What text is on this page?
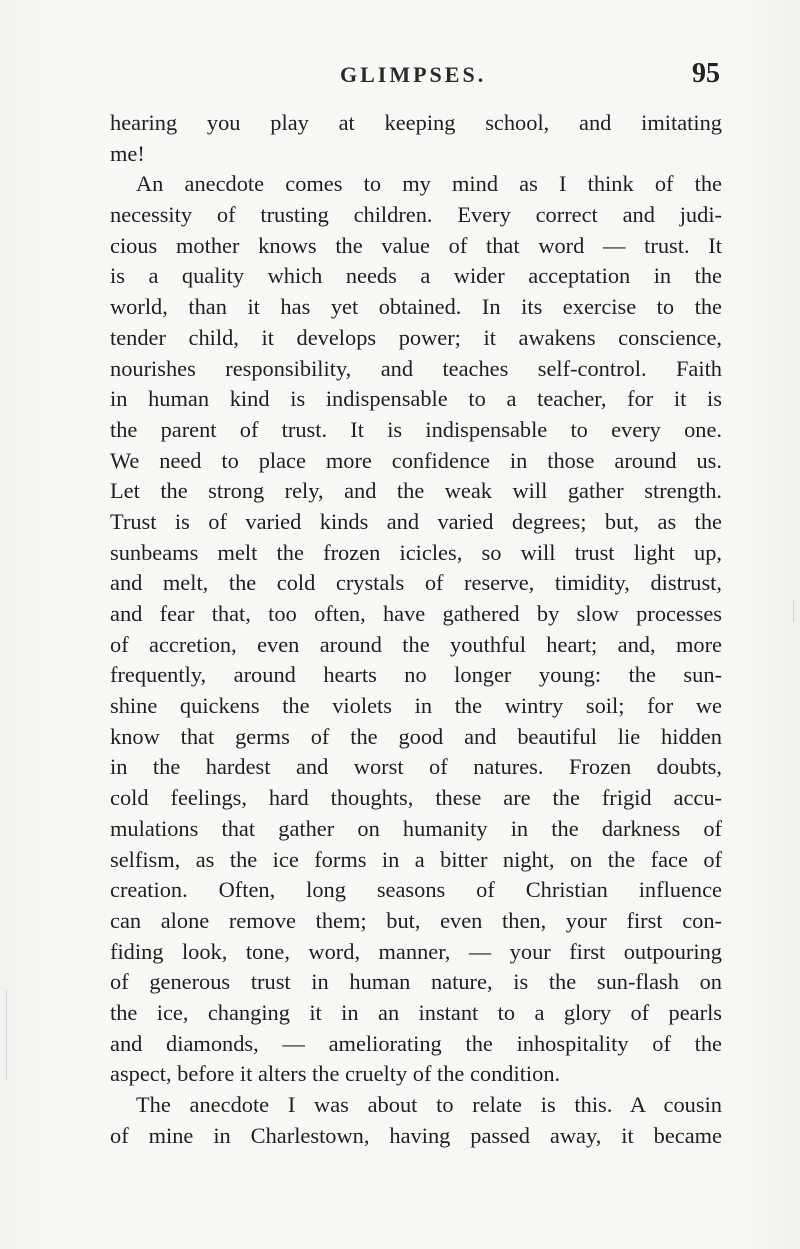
GLIMPSES.	95
hearing you play at keeping school, and imitating
me!
An anecdote comes to my mind as I think of the
necessity of trusting children. Every correct and judi-
cious mother knows the value of that word — trust. It
is a quality which needs a wider acceptation in the
world, than it has yet obtained. In its exercise to the
tender child, it develops power; it awakens conscience,
nourishes responsibility, and teaches self-control. Faith
in human kind is indispensable to a teacher, for it is
the parent of trust. It is indispensable to every one.
We need to place more confidence in those around us.
Let the strong rely, and the weak will gather strength.
Trust is of varied kinds and varied degrees; but, as the
sunbeams melt the frozen icicles, so will trust light up,
and melt, the cold crystals of reserve, timidity, distrust,
and fear that, too often, have gathered by slow processes
of accretion, even around the youthful heart; and, more
frequently, around hearts no longer young: the sun-
shine quickens the violets in the wintry soil; for we
know that germs of the good and beautiful lie hidden
in the hardest and worst of natures. Frozen doubts,
cold feelings, hard thoughts, these are the frigid accu-
mulations that gather on humanity in the darkness of
selfism, as the ice forms in a bitter night, on the face of
creation. Often, long seasons of Christian influence
can alone remove them; but, even then, your first con-
fiding look, tone, word, manner, — your first outpouring
of generous trust in human nature, is the sun-flash on
the ice, changing it in an instant to a glory of pearls
and diamonds, — ameliorating the inhospitality of the
aspect, before it alters the cruelty of the condition.
The anecdote I was about to relate is this. A cousin
of mine in Charlestown, having passed away, it became
